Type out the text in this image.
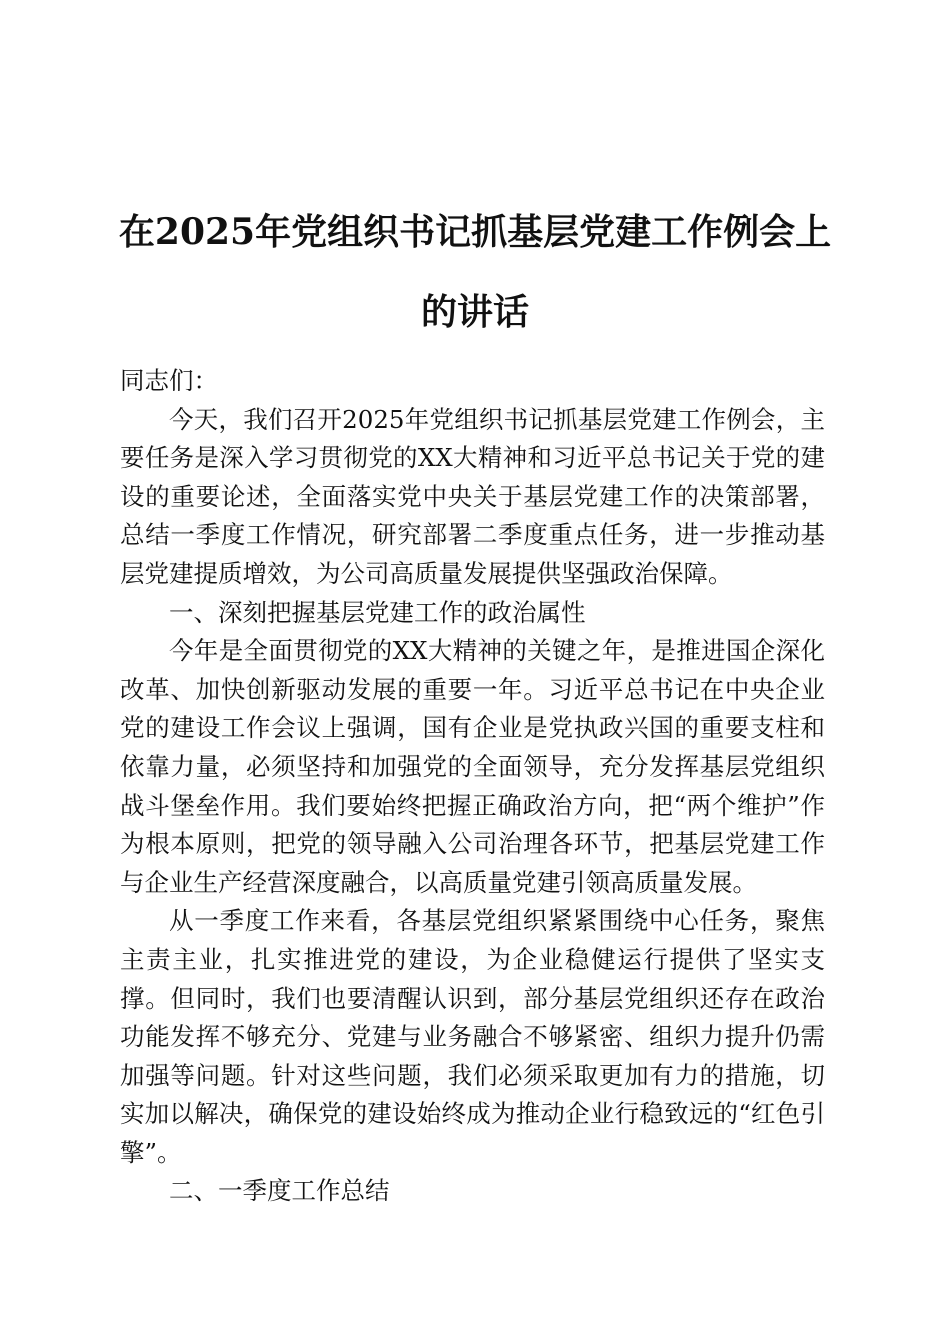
在2025年党组织书记抓基层党建工作例会上
的讲话

同志们：

今天，我们召开2025年党组织书记抓基层党建工作例会，主要任务是深入学习贯彻党的XX大精神和习近平总书记关于党的建设的重要论述，全面落实党中央关于基层党建工作的决策部署，总结一季度工作情况，研究部署二季度重点任务，进一步推动基层党建提质增效，为公司高质量发展提供坚强政治保障。

一、深刻把握基层党建工作的政治属性

今年是全面贯彻党的XX大精神的关键之年，是推进国企深化改革、加快创新驱动发展的重要一年。习近平总书记在中央企业党的建设工作会议上强调，国有企业是党执政兴国的重要支柱和依靠力量，必须坚持和加强党的全面领导，充分发挥基层党组织战斗堡垒作用。我们要始终把握正确政治方向，把“两个维护”作为根本原则，把党的领导融入公司治理各环节，把基层党建工作与企业生产经营深度融合，以高质量党建引领高质量发展。

从一季度工作来看，各基层党组织紧紧围绕中心任务，聚焦主责主业，扎实推进党的建设，为企业稳健运行提供了坚实支撑。但同时，我们也要清醒认识到，部分基层党组织还存在政治功能发挥不够充分、党建与业务融合不够紧密、组织力提升仍需加强等问题。针对这些问题，我们必须采取更加有力的措施，切实加以解决，确保党的建设始终成为推动企业行稳致远的“红色引擎”。

二、一季度工作总结
